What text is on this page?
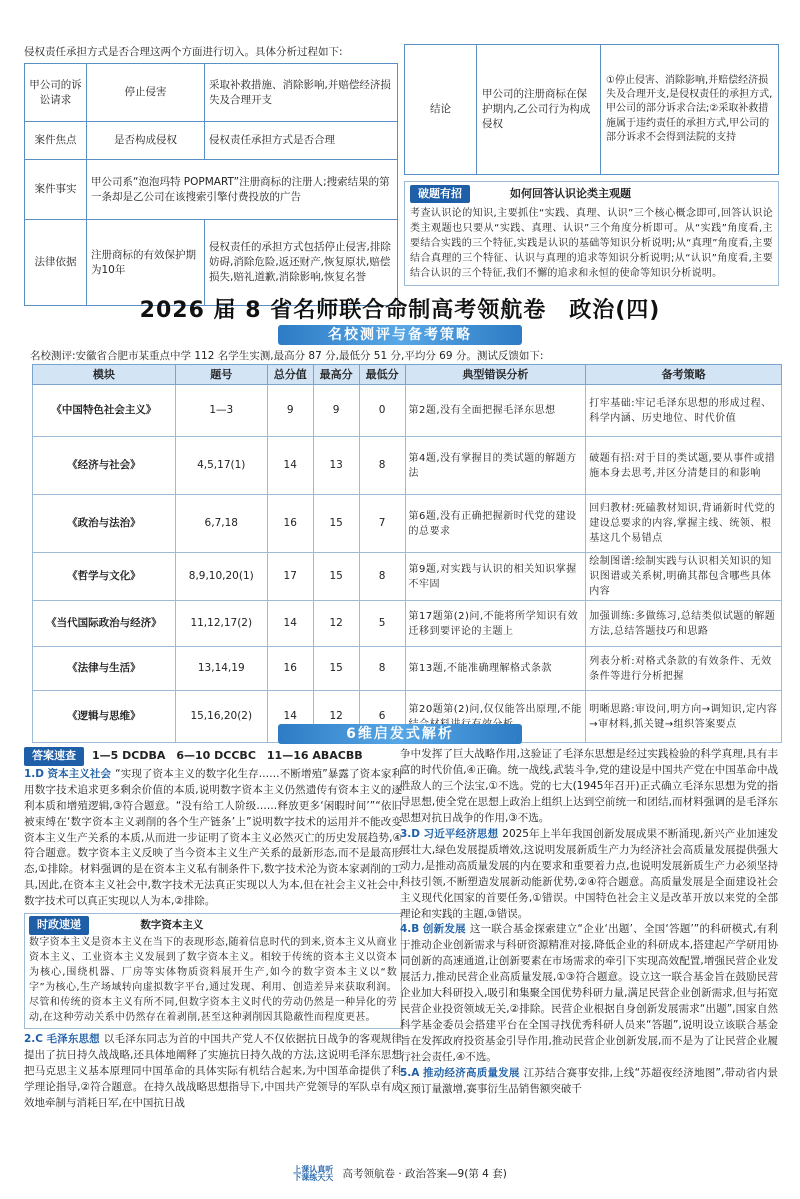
侵权责任承担方式是否合理这两个方面进行切入。具体分析过程如下:

甲公司的诉讼请求	停止侵害	采取补救措施、消除影响,并赔偿经济损失及合理开支
案件焦点	是否构成侵权	侵权责任承担方式是否合理
案件事实	甲公司系“泡泡玛特 POPMART”注册商标的注册人;搜索结果的第一条却是乙公司在该搜索引擎付费投放的广告	
法律依据	注册商标的有效保护期为10年	侵权责任的承担方式包括停止侵害,排除妨碍,消除危险,返还财产,恢复原状,赔偿损失,赔礼道歉,消除影响,恢复名誉
结论	甲公司的注册商标在保护期内,乙公司行为构成侵权	①停止侵害、消除影响,并赔偿经济损失及合理开支,是侵权责任的承担方式,甲公司的部分诉求合法;②采取补救措施属于违约责任的承担方式,甲公司的部分诉求不会得到法院的支持
破题有招	如何回答认识论类主观题

考查认识论的知识,主要抓住“实践、真理、认识”三个核心概念即可,回答认识论类主观题也只要从“实践、真理、认识”三个角度分析即可。从“实践”角度看,主要结合实践的三个特征,实践是认识的基础等知识分析说明;从“真理”角度看,主要结合真理的三个特征、认识与真理的追求等知识分析说明;从“认识”角度看,主要结合认识的三个特征,我们不懈的追求和永恒的使命等知识分析说明。

2026 届 8 省名师联合命制高考领航卷　政治(四)
名校测评与备考策略
名校测评:安徽省合肥市某重点中学 112 名学生实测,最高分 87 分,最低分 51 分,平均分 69 分。测试反馈如下:
模块	题号	总分值	最高分	最低分	典型错误分析	备考策略
《中国特色社会主义》	1—3	9	9	0	第2题,没有全面把握毛泽东思想	打牢基础:牢记毛泽东思想的形成过程、科学内涵、历史地位、时代价值
《经济与社会》	4,5,17(1)	14	13	8	第4题,没有掌握目的类试题的解题方法	破题有招:对于目的类试题,要从事件或措施本身去思考,并区分清楚目的和影响
《政治与法治》	6,7,18	16	15	7	第6题,没有正确把握新时代党的建设的总要求	回归教材:死磕教材知识,背诵新时代党的建设总要求的内容,掌握主线、统领、根基这几个易错点
《哲学与文化》	8,9,10,20(1)	17	15	8	第9题,对实践与认识的相关知识掌握不牢固	绘制图谱:绘制实践与认识相关知识的知识图谱或关系树,明确其都包含哪些具体内容
《当代国际政治与经济》	11,12,17(2)	14	12	5	第17题第(2)问,不能将所学知识有效迁移到要评论的主题上	加强训练:多做练习,总结类似试题的解题方法,总结答题技巧和思路
《法律与生活》	13,14,19	16	15	8	第13题,不能准确理解格式条款	列表分析:对格式条款的有效条件、无效条件等进行分析把握
《逻辑与思维》	15,16,20(2)	14	12	6	第20题第(2)问,仅仅能答出原理,不能	明晰思路:审设问,明方向→调知识,定内容→审材料,抓关键→组织答案要点
6维启发式解析
答案速查	1—5 DCDBA　6—10 DCCBC　11—16 ABACBB

1.D 资本主义社会 “实现了资本主义的数字化生存……不断增殖”暴露了资本家利用数字技术追求更多剩余价值的本质,说明数字资本主义仍然遗传有资本主义的逐利本质和增殖逻辑,③符合题意。“没有给工人阶级……释放更多‘闲暇时间’”“依旧被束缚在‘数字资本主义剥削的各个生产链条’上”说明数字技术的运用并不能改变资本主义生产关系的本质,从而进一步证明了资本主义必然灭亡的历史发展趋势,④符合题意。数字资本主义反映了当今资本主义生产关系的最新形态,而不是最高形态,①排除。材料强调的是在资本主义私有制条件下,数字技术沦为资本家剥削的工具,因此,在资本主义社会中,数字技术无法真正实现以人为本,但在社会主义社会中,数字技术可以真正实现以人为本,②排除。

时政速递	数字资本主义

数字资本主义是资本主义在当下的表现形态,随着信息时代的到来,资本主义从商业资本主义、工业资本主义发展到了数字资本主义。相较于传统的资本主义以资本为核心,围绕机器、厂房等实体物质资料展开生产,如今的数字资本主义以“数字”为核心,生产场域转向虚拟数字平台,通过发现、利用、创造差异来获取利润。尽管和传统的资本主义有所不同,但数字资本主义时代的劳动仍然是一种异化的劳动,在这种劳动关系中仍然存在着剥削,甚至这种剥削因其隐蔽性而程度更甚。

2.C 毛泽东思想 以毛泽东同志为首的中国共产党人不仅依据抗日战争的客观规律提出了抗日持久战战略,还具体地阐释了实施抗日持久战的方法,这说明毛泽东思想把马克思主义基本原理同中国革命的具体实际有机结合起来,为中国革命提供了科学理论指导,②符合题意。在持久战战略思想指导下,中国共产党领导的军队卓有成效地牵制与消耗日军,在中国抗日战

争中发挥了巨大战略作用,这验证了毛泽东思想是经过实践检验的科学真理,具有丰富的时代价值,④正确。统一战线,武装斗争,党的建设是中国共产党在中国革命中战胜敌人的三个法宝,①不选。党的七大(1945年召开)正式确立毛泽东思想为党的指导思想,使全党在思想上政治上组织上达到空前统一和团结,而材料强调的是毛泽东思想对抗日战争的作用,③不选。

3.D 习近平经济思想 2025年上半年我国创新发展成果不断涌现,新兴产业加速发展壮大,绿色发展提质增效,这说明发展新质生产力为经济社会高质量发展提供强大动力,是推动高质量发展的内在要求和重要着力点,也说明发展新质生产力必须坚持科技引领,不断塑造发展新动能新优势,②④符合题意。高质量发展是全面建设社会主义现代化国家的首要任务,①错误。中国特色社会主义是改革开放以来党的全部理论和实践的主题,③错误。

4.B 创新发展 这一联合基金探索建立“企业‘出题’、全国‘答题’”的科研模式,有利于推动企业创新需求与科研资源精准对接,降低企业的科研成本,搭建起产学研用协同创新的高速通道,让创新要素在市场需求的牵引下实现高效配置,增强民营企业发展活力,推动民营企业高质量发展,①③符合题意。设立这一联合基金旨在鼓励民营企业加大科研投入,吸引和集聚全国优势科研力量,满足民营企业创新需求,但与拓宽民营企业投资领域无关,②排除。民营企业根据自身创新发展需求“出题”,国家自然科学基金委员会搭建平台在全国寻找优秀科研人员来“答题”,说明设立该联合基金旨在发挥政府投资基金引导作用,推动民营企业创新发展,而不是为了让民营企业履行社会责任,④不选。

5.A 推动经济高质量发展 江苏结合赛事安排,上线“苏超夜经济地图”,带动省内景区预订量激增,赛事衍生品销售额突破千

上课认真听
下课练天天 高考领航卷 · 政治答案—9(第 4 套)
